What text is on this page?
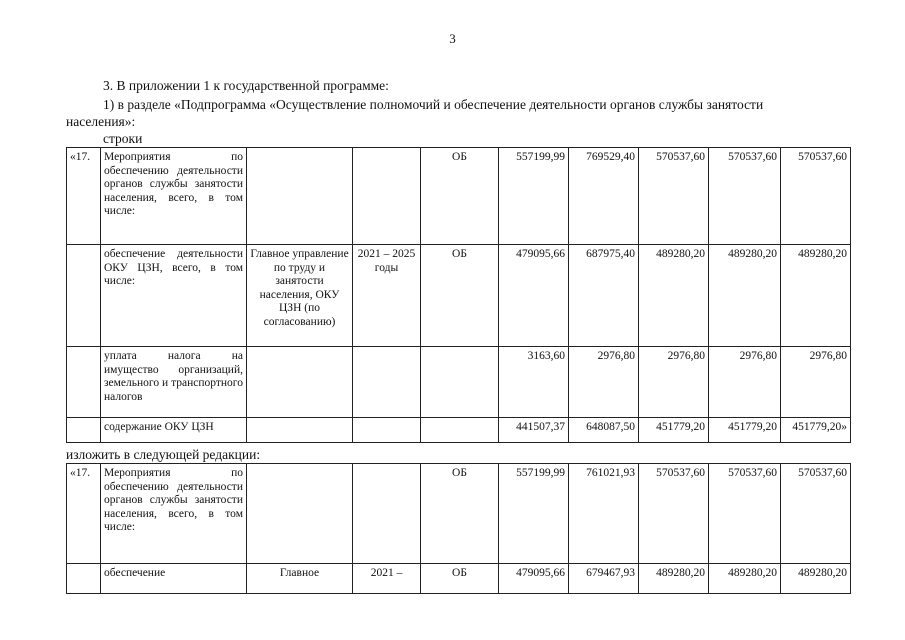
3
3. В приложении 1 к государственной программе:
1) в разделе «Подпрограмма «Осуществление полномочий и обеспечение деятельности органов службы занятости
населения»:
строки
«17.	Мероприятия по обеспечению деятельности органов службы занятости населения, всего, в том числе:			ОБ	557199,99	769529,40	570537,60	570537,60	570537,60
	обеспечение деятельности ОКУ ЦЗН, всего, в том числе:	Главное управление по труду и занятости населения, ОКУ ЦЗН (по согласованию)	2021 – 2025 годы	ОБ	479095,66	687975,40	489280,20	489280,20	489280,20
	уплата налога на имущество организаций, земельного и транспортного налогов				3163,60	2976,80	2976,80	2976,80	2976,80
	содержание ОКУ ЦЗН				441507,37	648087,50	451779,20	451779,20	451779,20»
изложить в следующей редакции:
«17.	Мероприятия по обеспечению деятельности органов службы занятости населения, всего, в том числе:			ОБ	557199,99	761021,93	570537,60	570537,60	570537,60
	обеспечение	Главное	2021 –	ОБ	479095,66	679467,93	489280,20	489280,20	489280,20
